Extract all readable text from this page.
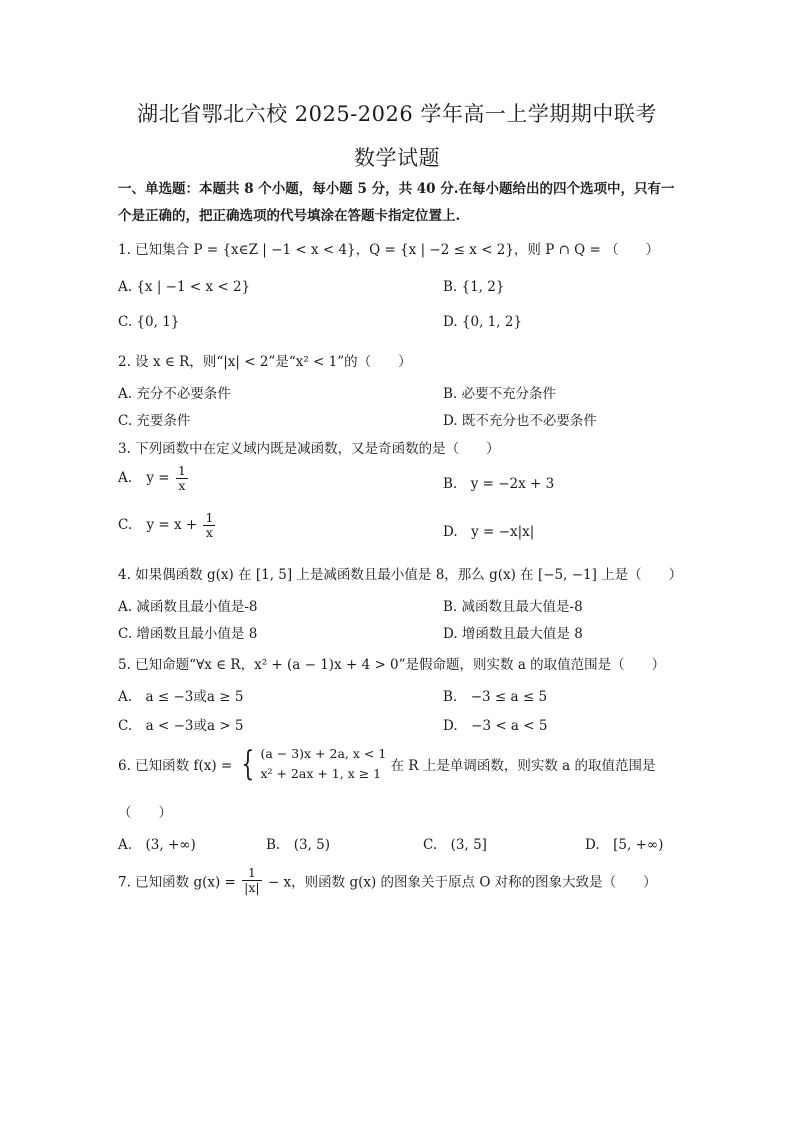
湖北省鄂北六校 2025-2026 学年高一上学期期中联考
数学试题
一、单选题：本题共 8 个小题，每小题 5 分，共 40 分.在每小题给出的四个选项中，只有一个是正确的，把正确选项的代号填涂在答题卡指定位置上.
1. 已知集合 P = {x∈Z | −1 < x < 4}，Q = {x | −2 ≤ x < 2}，则 P ∩ Q = （　　）
A. {x | −1 < x < 2}	B. {1, 2}
C. {0, 1}	D. {0, 1, 2}
2. 设 x ∈ R，则“|x| < 2”是“x² < 1”的（　　）
A. 充分不必要条件	B. 必要不充分条件
C. 充要条件	D. 既不充分也不必要条件
3. 下列函数中在定义域内既是减函数，又是奇函数的是（　　）
A. $y = \frac{1}{x}$	B.　y = −2x + 3
C. $y = x + \frac{1}{x}$	D.　y = −x|x|
4. 如果偶函数 g(x) 在 [1, 5] 上是减函数且最小值是 8，那么 g(x) 在 [−5, −1] 上是（　　）
A. 减函数且最小值是-8	B. 减函数且最大值是-8
C. 增函数且最小值是 8	D. 增函数且最大值是 8
5. 已知命题“∀x ∈ R，x² + (a − 1)x + 4 > 0”是假命题，则实数 a 的取值范围是（　　）
A.　a ≤ −3或a ≥ 5	B.　−3 ≤ a ≤ 5
C.　a < −3或a > 5	D.　−3 < a < 5
6. 已知函数 f(x) = { (a − 3)x + 2a, x < 1
x² + 2ax + 1, x ≥ 1 在 R 上是单调函数，则实数 a 的取值范围是
（　　）
A.　(3, +∞)	B.　(3, 5)	C.　(3, 5]	D.　[5, +∞)
7. 已知函数 $g(x) = \frac{1}{|x|} - x$，则函数 g(x) 的图象关于原点 O 对称的图象大致是（　　）
